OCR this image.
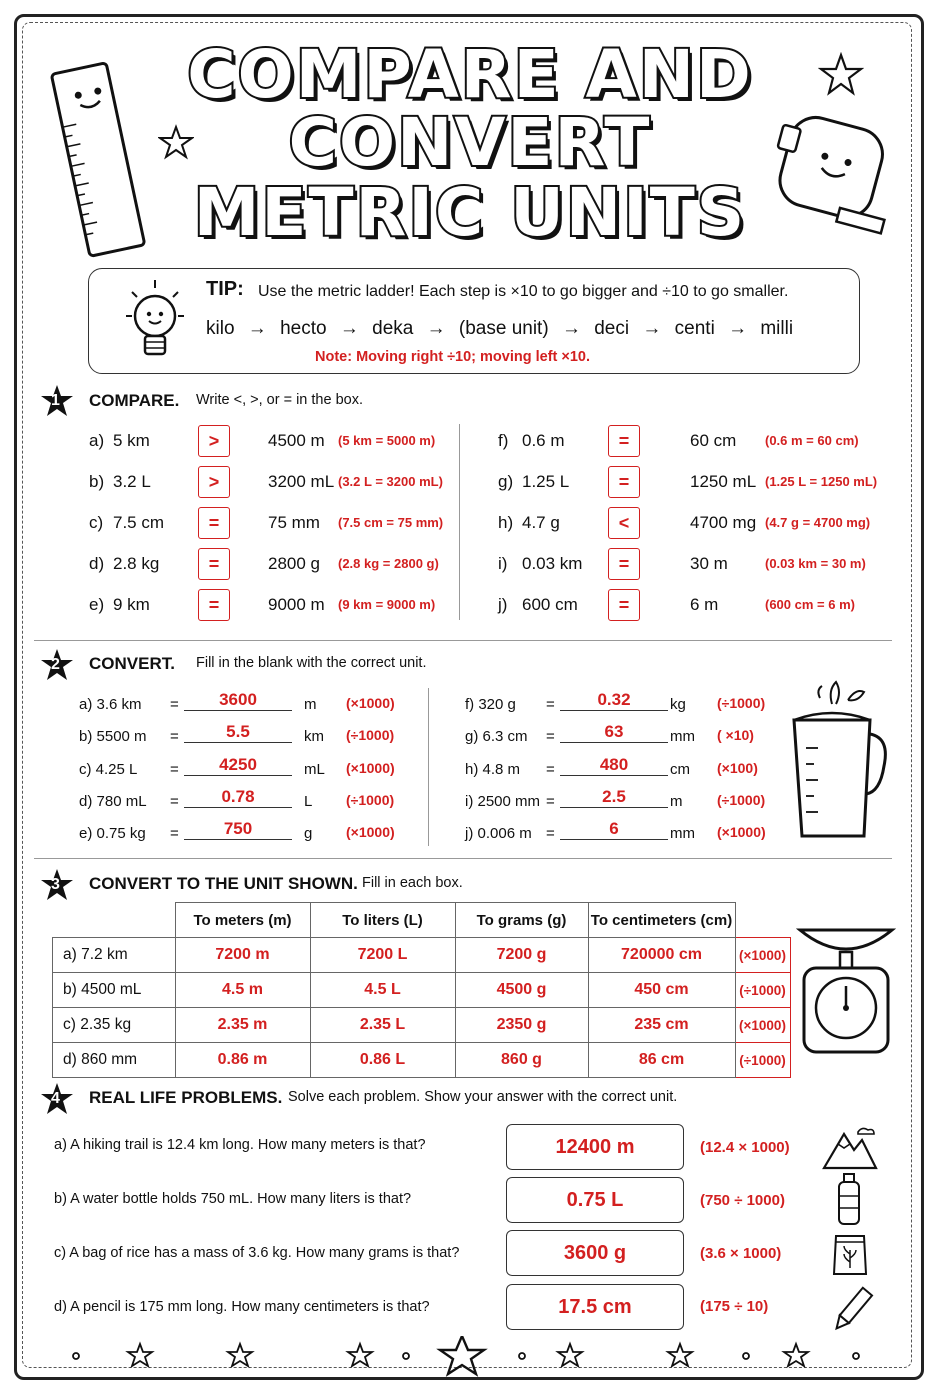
COMPARE AND
CONVERT
METRIC UNITS
TIP: Use the metric ladder! Each step is ×10 to go bigger and ÷10 to go smaller.
kilo → hecto → deka → (base unit) → deci → centi → milli
Note: Moving right ÷10; moving left ×10.
1 COMPARE. Write <, >, or = in the box.
a) 5 km	>	4500 m (5 km = 5000 m)
b) 3.2 L	>	3200 mL (3.2 L = 3200 mL)
c) 7.5 cm	=	75 mm (7.5 cm = 75 mm)
d) 2.8 kg	=	2800 g (2.8 kg = 2800 g)
e) 9 km	=	9000 m (9 km = 9000 m)
f) 0.6 m	=	60 cm (0.6 m = 60 cm)
g) 1.25 L	=	1250 mL (1.25 L = 1250 mL)
h) 4.7 g	<	4700 mg (4.7 g = 4700 mg)
i) 0.03 km	=	30 m	(0.03 km = 30 m)
j) 600 cm	=	6 m	(600 cm = 6 m)
2 CONVERT. Fill in the blank with the correct unit.
a) 3.6 km =	3600	m (×1000)
b) 5500 m =	5.5	km (÷1000)
c) 4.25 L =	4250	mL (×1000)
d) 780 mL =	0.78	L (÷1000)
e) 0.75 kg =	750	g (×1000)
f) 320 g =	0.32	kg (÷1000)
g) 6.3 cm =	63	mm ( ×10)
h) 4.8 m =	480	cm (×100)
i) 2500 mm =	2.5	m (÷1000)
j) 0.006 m =	6	mm (×1000)
3 CONVERT TO THE UNIT SHOWN. Fill in each box.
	To meters (m)	To liters (L)	To grams (g)	To centimeters (cm)	
a) 7.2 km	7200 m	7200 L	7200 g	720000 cm	(×1000)
b) 4500 mL	4.5 m	4.5 L	4500 g	450 cm	(÷1000)
c) 2.35 kg	2.35 m	2.35 L	2350 g	235 cm	(×1000)
d) 860 mm	0.86 m	0.86 L	860 g	86 cm	(÷1000)
4 REAL LIFE PROBLEMS. Solve each problem. Show your answer with the correct unit.
a) A hiking trail is 12.4 km long. How many meters is that?	12400 m	(12.4 × 1000)
b) A water bottle holds 750 mL. How many liters is that?	0.75 L	(750 ÷ 1000)
c) A bag of rice has a mass of 3.6 kg. How many grams is that?	3600 g	(3.6 × 1000)
d) A pencil is 175 mm long. How many centimeters is that?	17.5 cm	(175 ÷ 10)
